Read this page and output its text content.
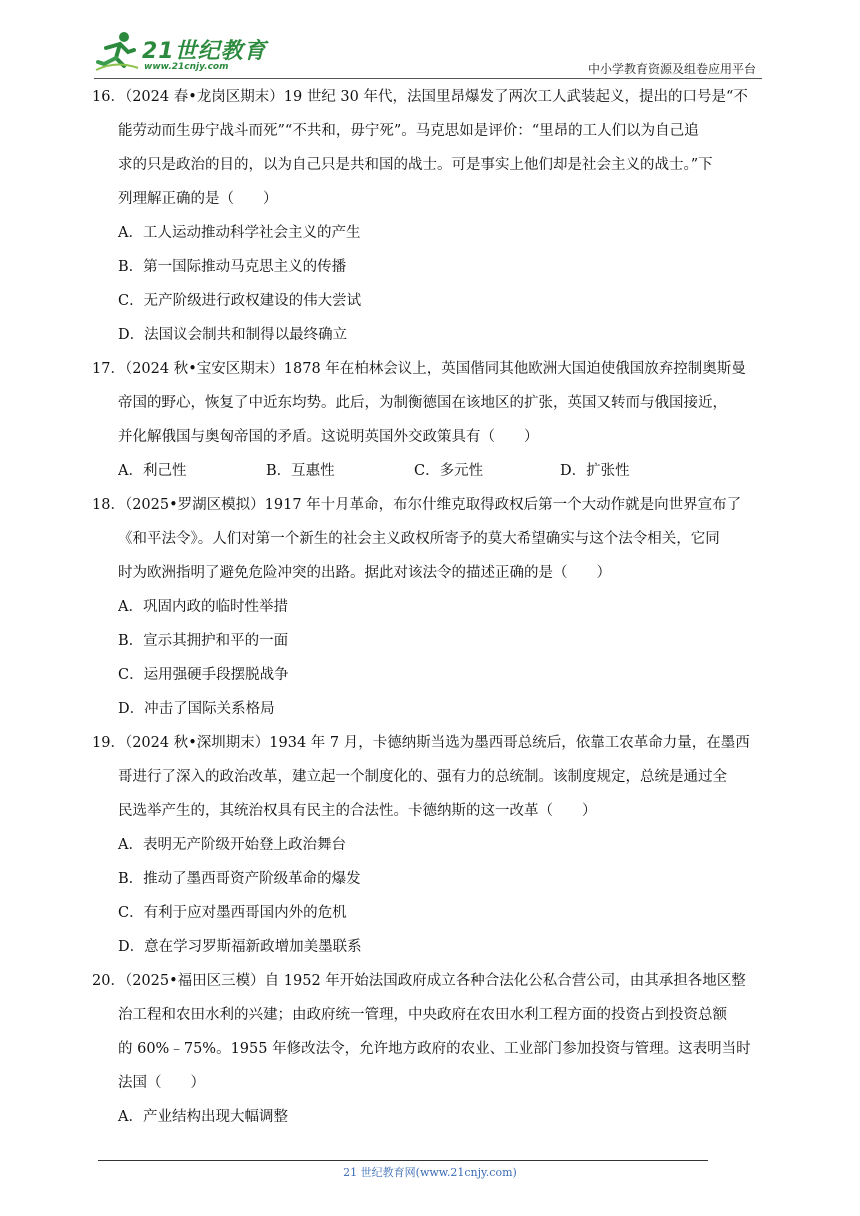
21世纪教育
www.21cnjy.com	中小学教育资源及组卷应用平台
16．（2024 春•龙岗区期末）19 世纪 30 年代，法国里昂爆发了两次工人武装起义，提出的口号是“不
能劳动而生毋宁战斗而死”“不共和，毋宁死”。马克思如是评价：“里昂的工人们以为自己追
求的只是政治的目的，以为自己只是共和国的战士。可是事实上他们却是社会主义的战士。”下
列理解正确的是（　　）
A．工人运动推动科学社会主义的产生
B．第一国际推动马克思主义的传播
C．无产阶级进行政权建设的伟大尝试
D．法国议会制共和制得以最终确立
17．（2024 秋•宝安区期末）1878 年在柏林会议上，英国偕同其他欧洲大国迫使俄国放弃控制奥斯曼
帝国的野心，恢复了中近东均势。此后，为制衡德国在该地区的扩张，英国又转而与俄国接近，
并化解俄国与奥匈帝国的矛盾。这说明英国外交政策具有（　　）
A．利己性	B．互惠性	C．多元性	D．扩张性
18．（2025•罗湖区模拟）1917 年十月革命，布尔什维克取得政权后第一个大动作就是向世界宣布了
《和平法令》。人们对第一个新生的社会主义政权所寄予的莫大希望确实与这个法令相关，它同
时为欧洲指明了避免危险冲突的出路。据此对该法令的描述正确的是（　　）
A．巩固内政的临时性举措
B．宣示其拥护和平的一面
C．运用强硬手段摆脱战争
D．冲击了国际关系格局
19．（2024 秋•深圳期末）1934 年 7 月，卡德纳斯当选为墨西哥总统后，依靠工农革命力量，在墨西
哥进行了深入的政治改革，建立起一个制度化的、强有力的总统制。该制度规定，总统是通过全
民选举产生的，其统治权具有民主的合法性。卡德纳斯的这一改革（　　）
A．表明无产阶级开始登上政治舞台
B．推动了墨西哥资产阶级革命的爆发
C．有利于应对墨西哥国内外的危机
D．意在学习罗斯福新政增加美墨联系
20．（2025•福田区三模）自 1952 年开始法国政府成立各种合法化公私合营公司，由其承担各地区整
治工程和农田水利的兴建；由政府统一管理，中央政府在农田水利工程方面的投资占到投资总额
的 60%﹣75%。1955 年修改法令，允许地方政府的农业、工业部门参加投资与管理。这表明当时
法国（　　）
A．产业结构出现大幅调整
21 世纪教育网(www.21cnjy.com)
